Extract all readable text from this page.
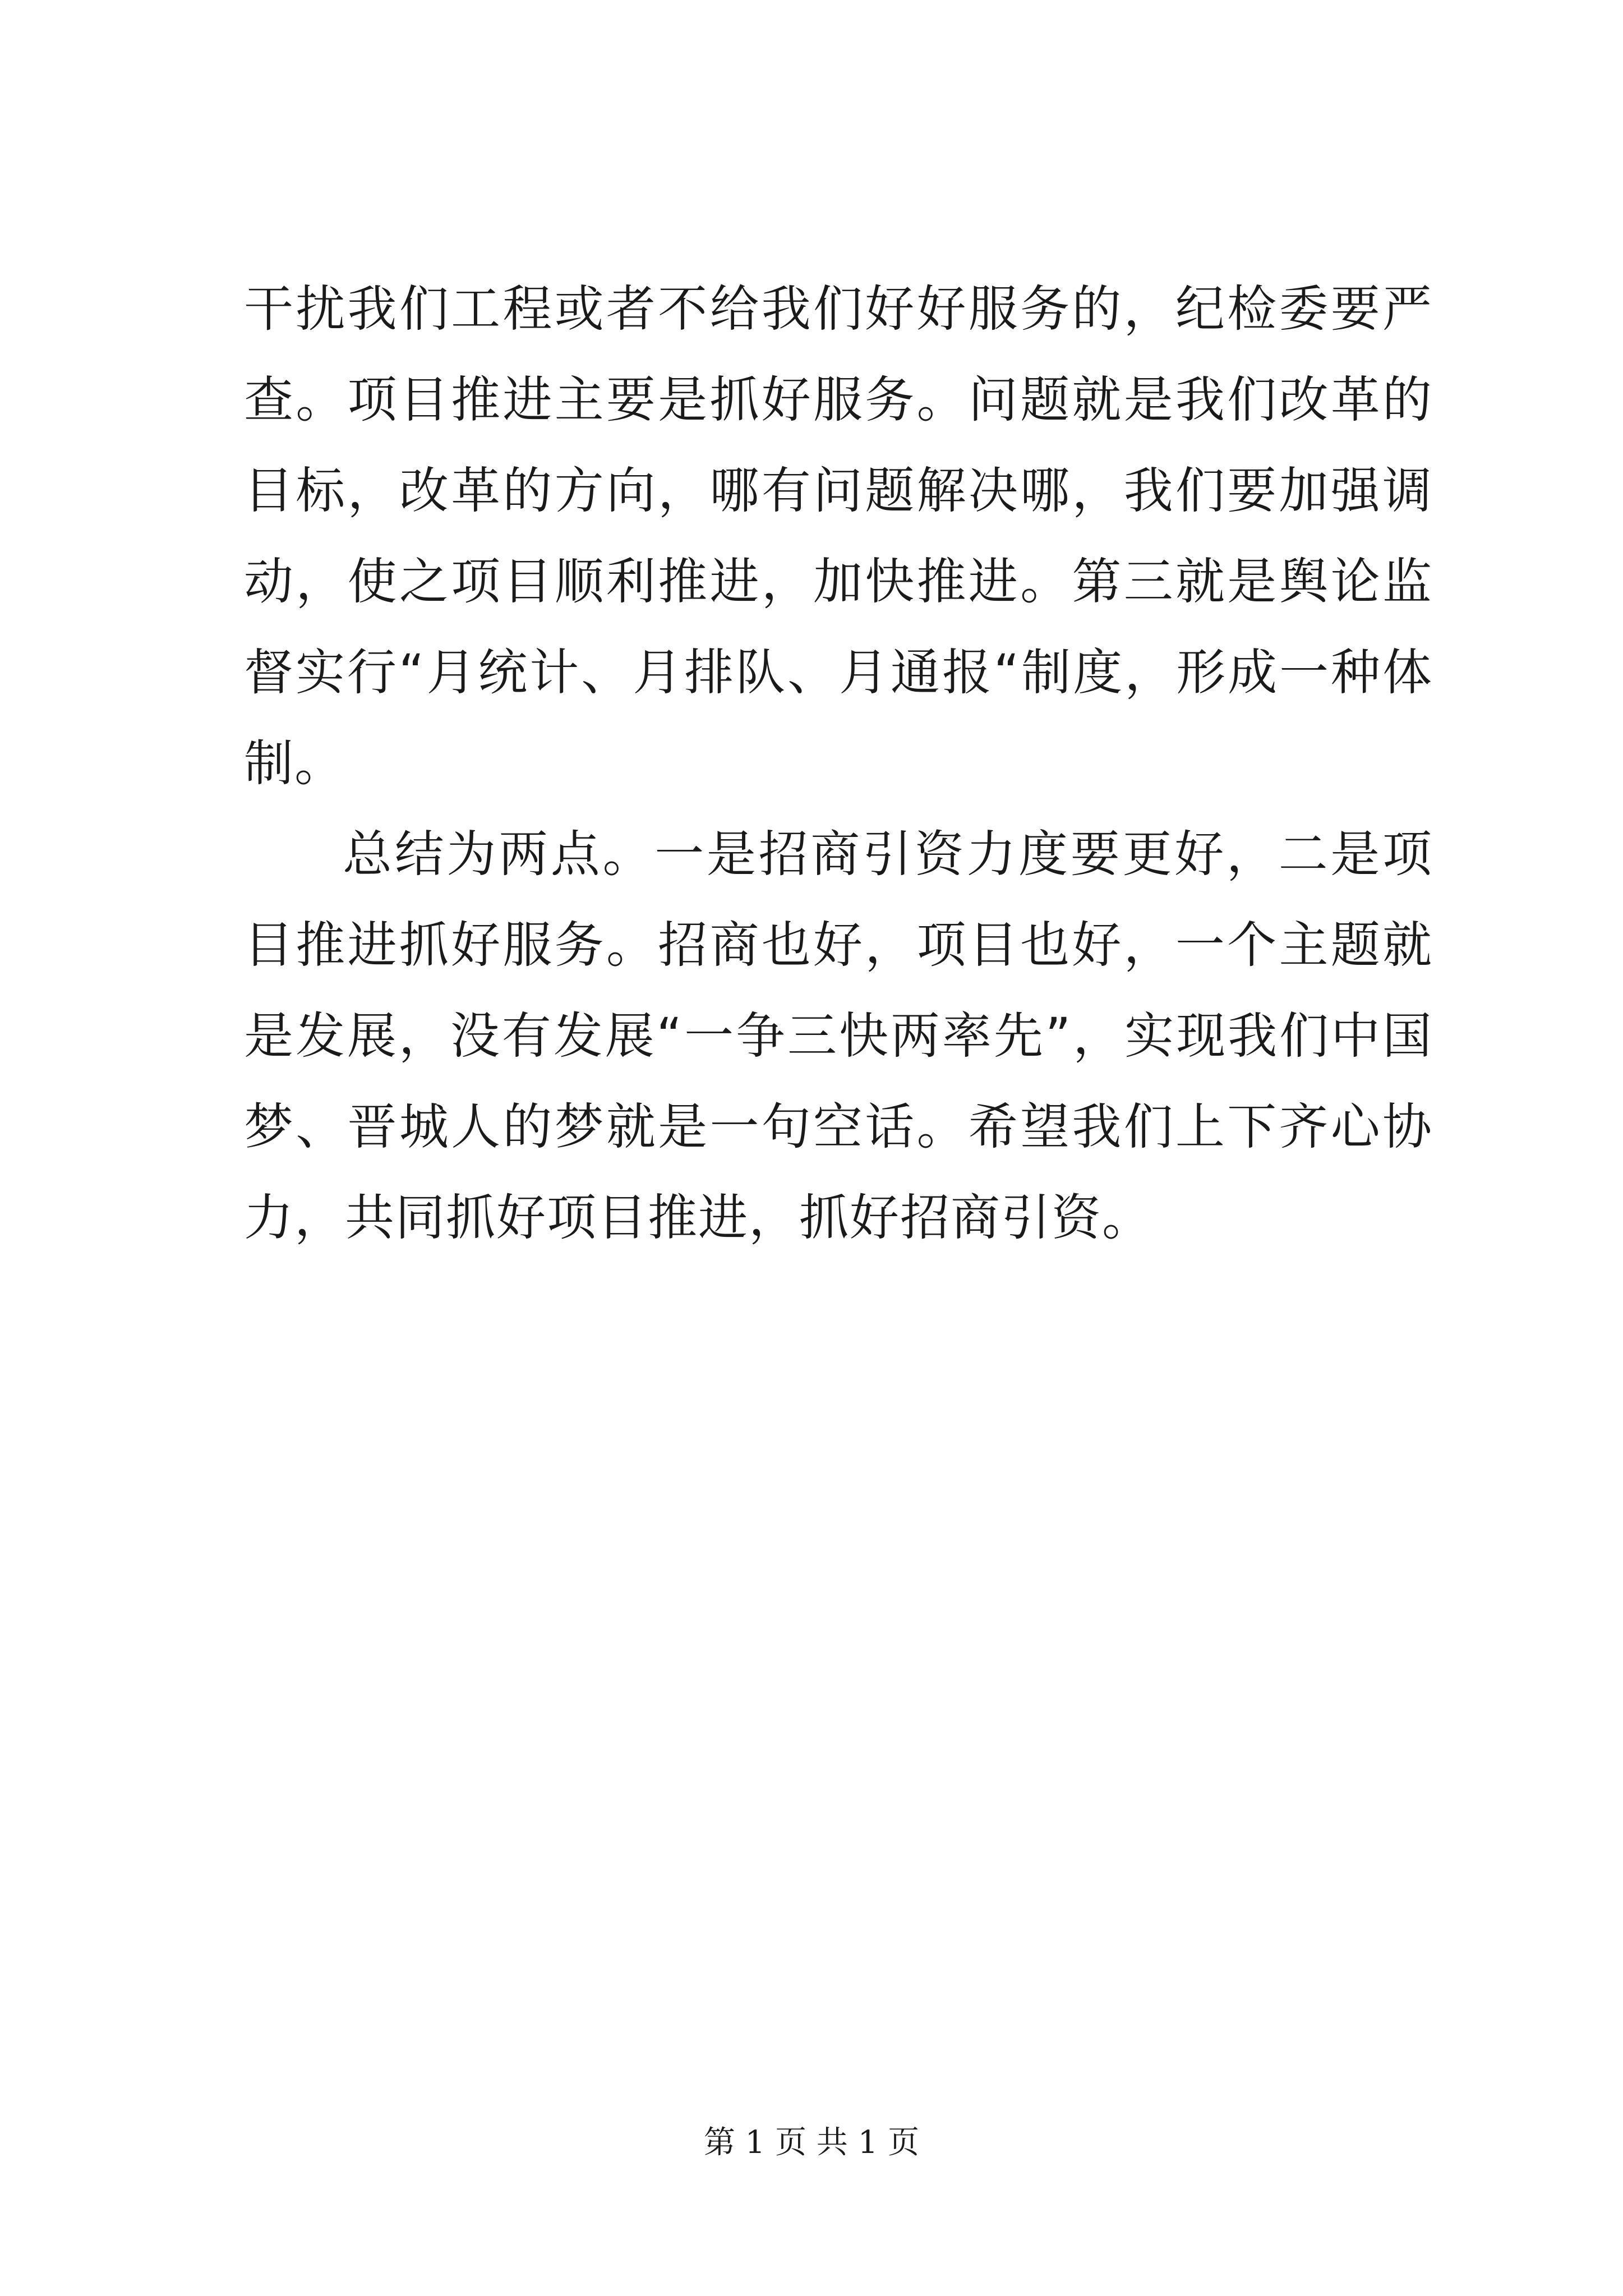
干扰我们工程或者不给我们好好服务的，纪检委要严查。项目推进主要是抓好服务。问题就是我们改革的目标，改革的方向，哪有问题解决哪，我们要加强调动，使之项目顺利推进，加快推进。第三就是舆论监督实行“月统计、月排队、月通报“制度，形成一种体制。

总结为两点。一是招商引资力度要更好，二是项目推进抓好服务。招商也好，项目也好，一个主题就是发展，没有发展“一争三快两率先”，实现我们中国梦、晋城人的梦就是一句空话。希望我们上下齐心协力，共同抓好项目推进，抓好招商引资。

第 1 页 共 1 页
